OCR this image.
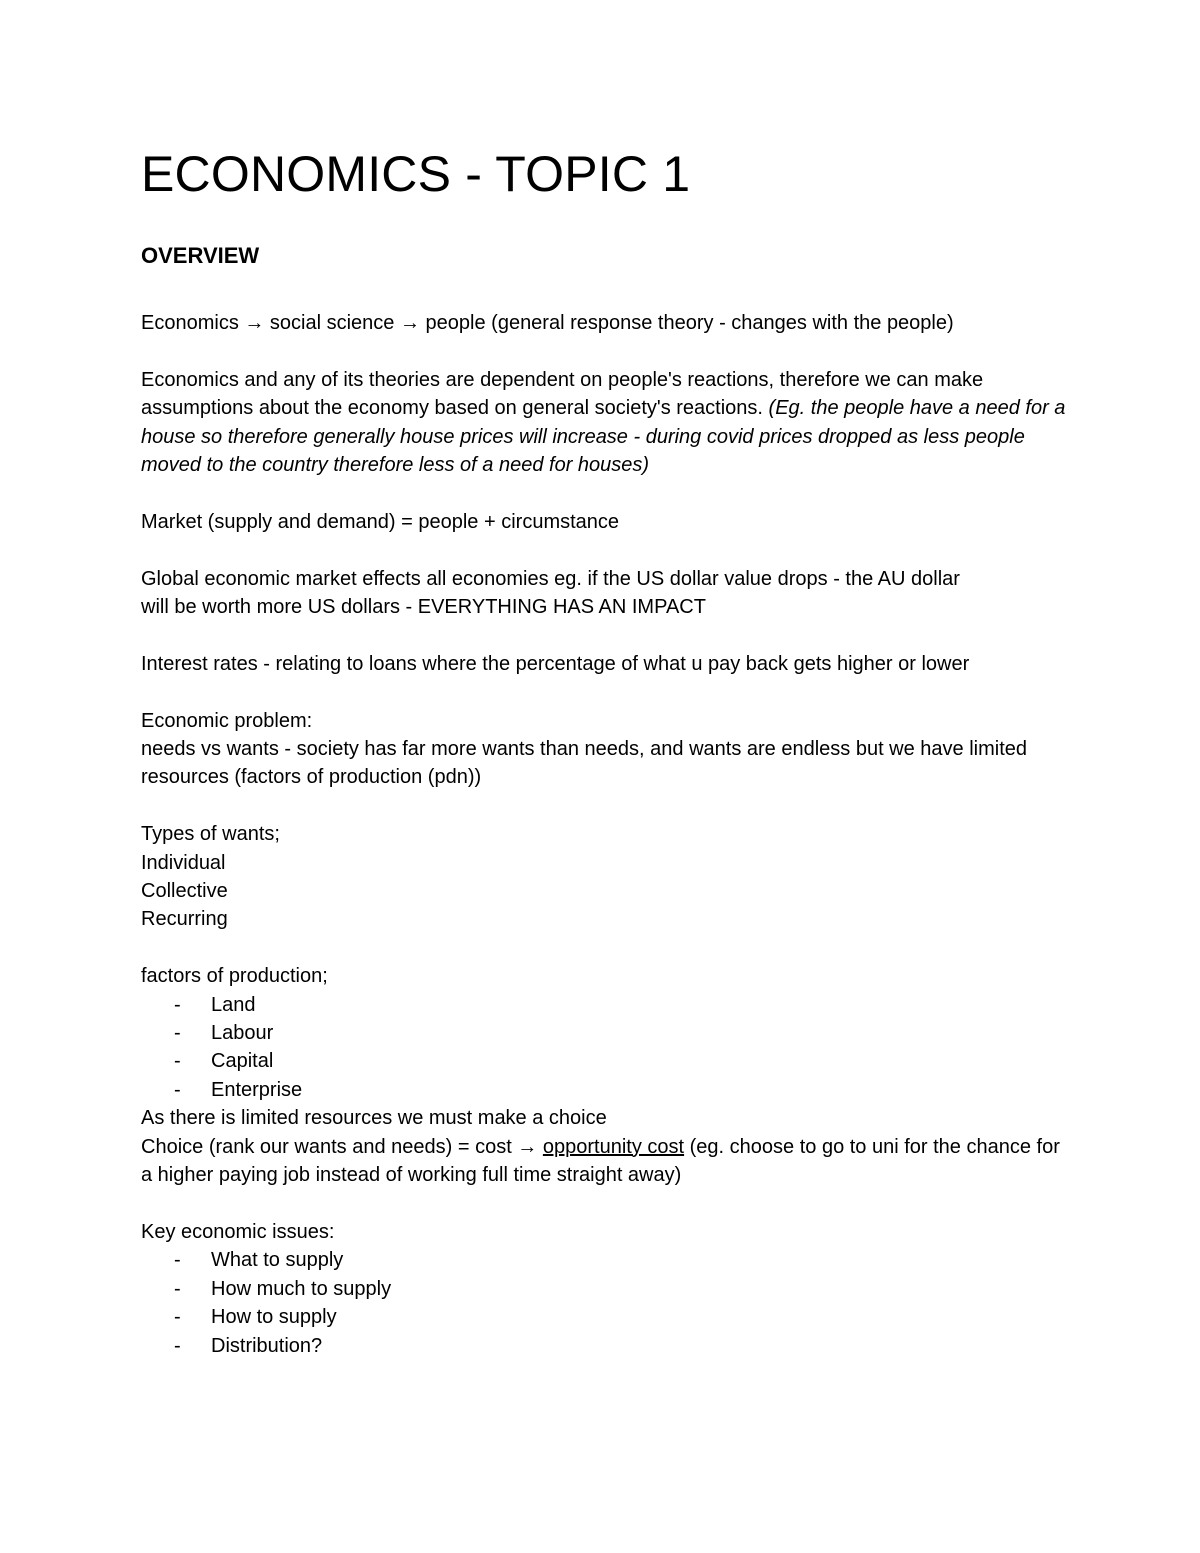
ECONOMICS - TOPIC 1
OVERVIEW

Economics → social science → people (general response theory - changes with the people)

Economics and any of its theories are dependent on people's reactions, therefore we can make assumptions about the economy based on general society's reactions. (Eg. the people have a need for a house so therefore generally house prices will increase - during covid prices dropped as less people moved to the country therefore less of a need for houses)

Market (supply and demand) = people + circumstance

Global economic market effects all economies eg. if the US dollar value drops - the AU dollar
will be worth more US dollars - EVERYTHING HAS AN IMPACT

Interest rates - relating to loans where the percentage of what u pay back gets higher or lower

Economic problem:

needs vs wants - society has far more wants than needs, and wants are endless but we have limited resources (factors of production (pdn))

Types of wants;

Individual

Collective

Recurring

factors of production;

- Land
- Labour
- Capital
- Enterprise

As there is limited resources we must make a choice

Choice (rank our wants and needs) = cost → opportunity cost (eg. choose to go to uni for the chance for a higher paying job instead of working full time straight away)

Key economic issues:

- What to supply
- How much to supply
- How to supply
- Distribution?
